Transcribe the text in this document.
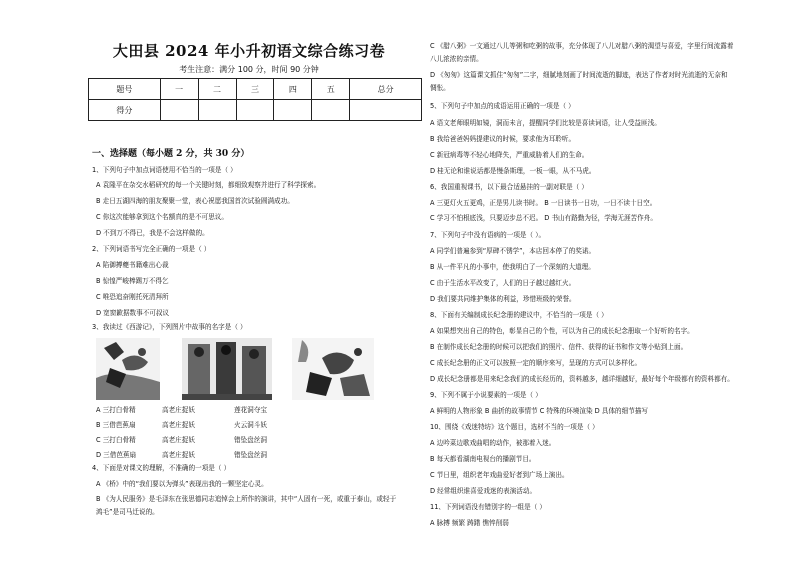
大田县 2024 年小升初语文综合练习卷
考生注意：满分 100 分，时间 90 分钟
题号	一	二	三	四	五	总分
得分						
一、选择题（每小题 2 分，共 30 分）
1、下列句子中加点词语使用不恰当的一项是（ ）
A 袁隆平在杂交水稻研究的每一个关键时刻，都细致观察并进行了科学探索。
B 走日五湖四海的朋友聚聚一堂，表心祝愿我国首次试验圆满成功。
C 你这次能够拿到这个名额真的是不可思议。
D 不到万不得已，我是不会这样做的。
2、下列词语书写完全正确的一项是（ ）
A 陷御搏夔书籍难出心裁
B 惊惶严峻棒踢万不得乞
C 唯恐追奋刚托死清拜所
D 宽窗歉据数事不可叔议
3、我读过《西游记》，下列图片中故事的名字是（ ）
A 三打白骨精	高老庄捉妖	莲花洞夺宝
B 三借芭蕉扇	高老庄捉妖	火云洞斗妖
C 三打白骨精	高老庄捉妖	错坠盘丝洞
D 三借芭蕉扇	高老庄捉妖	错坠盘丝洞
4、下面是对课文的理解，不准确的一项是（ ）
A 《桥》中的“我们要以为弹头”表现出我的一颗坚定心灵。
B 《为人民服务》是毛泽东在张思德同志追悼会上所作的演讲，其中“人固有一死，或重于泰山，或轻于
鸿毛”是司马迁说的。
C 《腊八粥》一文通过八儿等粥和吃粥的故事，充分体现了八儿对腊八粥的渴望与喜爱，字里行间流露着
八儿浓浓的亲情。
D 《匆匆》这篇课文抓住“匆匆”二字，细腻地刻画了时间流逝的脚迹，表达了作者对时光流逝的无奈和
惆怅。
5、下列句子中加点的成语运用正确的一项是（ ）
A 语文老师眼明如镜，洞而未言，提醒同学们比较是喜读词语，让人受益匪浅。
B 我给爸爸妈妈提建议的时候，要求他为耳聆听。
C 新冠病毒等不轻心地降失，严重威胁着人们的生命。
D 桂无论和谁说话都是慢条斯理，一板一眼，从不马虎。
6、我国重视课书，以下最合适悬挂的一副对联是（ ）
A 三更灯火五更鸡，正是男儿读书时。 B 一日读书一日功，一日不读十日空。
C 学习不怕根底浅，只要迈步总不迟。 D 书山有路勤为径，学海无涯苦作舟。
7、下列句子中没有语病的一项是（ ）。
A 同学们普遍参到“厚碑不锈学”，本店回本停了的奖诺。
B 从一件平凡的小事中，使我明白了一个深刻的大道理。
C 由于生活水平改变了，人们的日子越过越红火。
D 我们要共同维护集体的利益，珍惜班级的荣誉。
8、下面有关编制成长纪念册的建议中，不恰当的一项是（ ）
A 如果想突出自己的特色，彰显自己的个性，可以为自己的成长纪念册取一个好听的名字。
B 在制作成长纪念册的时候可以把我们的照片、信件、获得的证书和作文等小贴到上面。
C 成长纪念册的正文可以按照一定的顺序来写，呈现的方式可以多样化。
D 成长纪念册都是用来纪念我们的成长经历的，资料越多，越详细越好，最好每个年级都有的资料都有。
9、下列不属于小说要素的一项是（ ）
A 鲜明的人物形象 B 曲折的故事情节 C 特殊的环境渲染 D 具体的细节描写
10、围绕《戏迷特坊》这个题目，选材不当的一项是（ ）
A 边吟菜边歌戏曲唱的动作，被那着入迷。
B 每天都看湖南电视台的播剧节目。
C 节日里，组织老年戏曲爱好者到广场上演出。
D 经常组织谁喜爱戏迷的表演活动。
11、下列词语没有错别字的一组是（ ）
A 脉搏 频繁 踌躇 憔悴削弱
